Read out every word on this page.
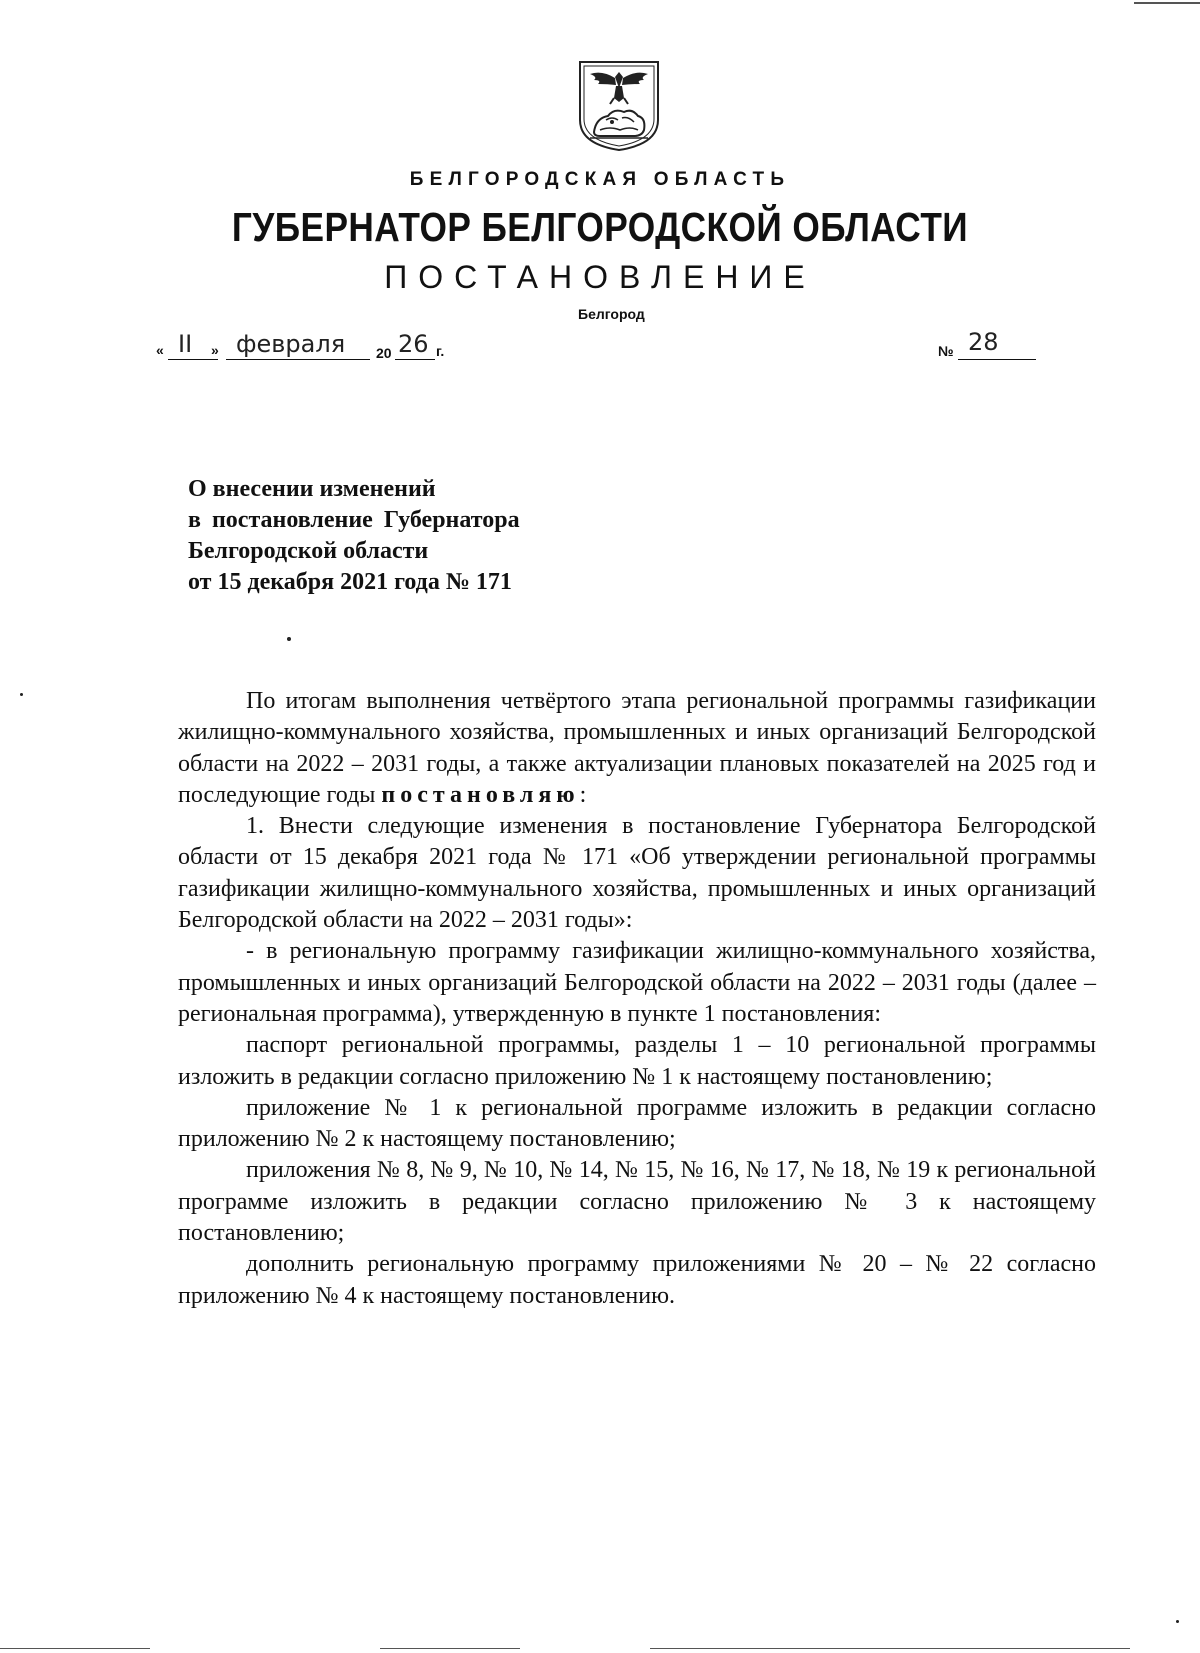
БЕЛГОРОДСКАЯ ОБЛАСТЬ
ГУБЕРНАТОР БЕЛГОРОДСКОЙ ОБЛАСТИ
ПОСТАНОВЛЕНИЕ
Белгород
« II » февраля 20 26 г.	№ 28
О внесении изменений
в постановление Губернатора
Белгородской области
от 15 декабря 2021 года № 171

По итогам выполнения четвёртого этапа региональной программы газификации жилищно-коммунального хозяйства, промышленных и иных организаций Белгородской области на 2022 – 2031 годы, а также актуализации плановых показателей на 2025 год и последующие годы постановляю:

1. Внести следующие изменения в постановление Губернатора Белгородской области от 15 декабря 2021 года № 171 «Об утверждении региональной программы газификации жилищно-коммунального хозяйства, промышленных и иных организаций Белгородской области на 2022 – 2031 годы»:

- в региональную программу газификации жилищно-коммунального хозяйства, промышленных и иных организаций Белгородской области на 2022 – 2031 годы (далее – региональная программа), утвержденную в пункте 1 постановления:

паспорт региональной программы, разделы 1 – 10 региональной программы изложить в редакции согласно приложению № 1 к настоящему постановлению;

приложение № 1 к региональной программе изложить в редакции согласно приложению № 2 к настоящему постановлению;

приложения № 8, № 9, № 10, № 14, № 15, № 16, № 17, № 18, № 19 к региональной программе изложить в редакции согласно приложению № 3 к настоящему постановлению;

дополнить региональную программу приложениями № 20 – № 22 согласно приложению № 4 к настоящему постановлению.
